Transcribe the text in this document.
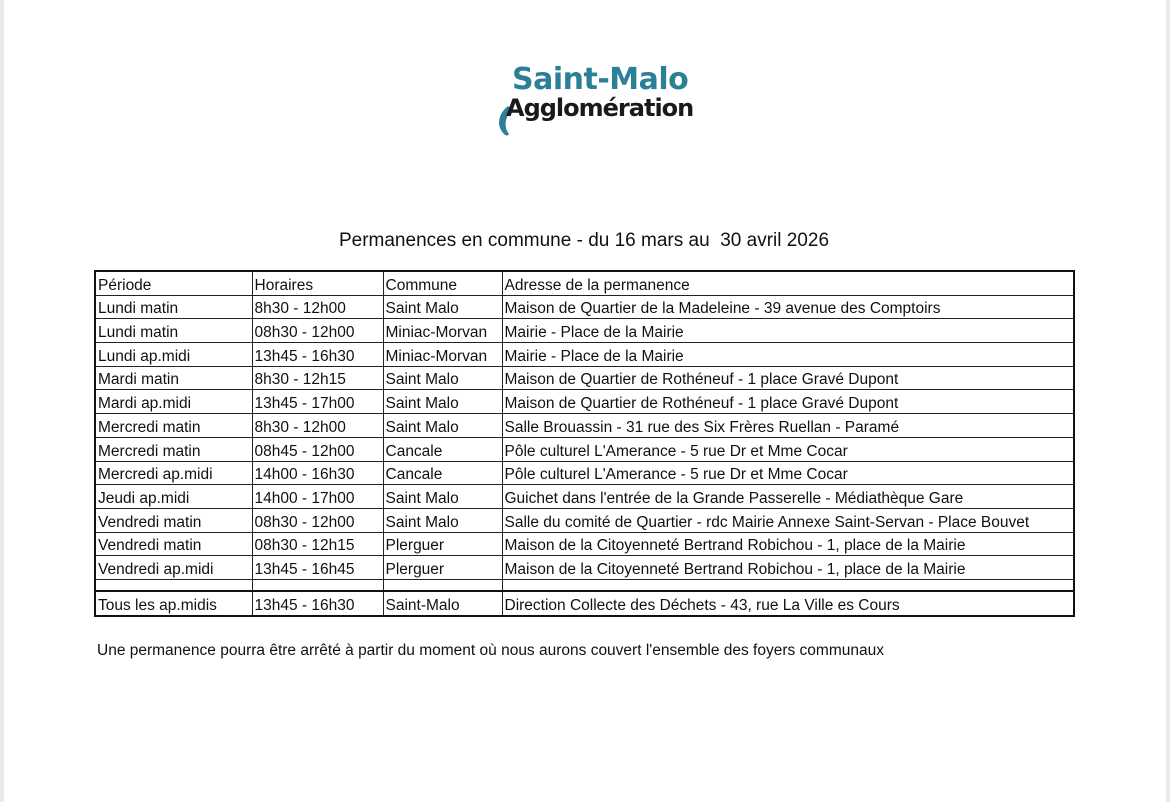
Saint-Malo
Agglomération
Permanences en commune - du 16 mars au  30 avril 2026
Période	Horaires	Commune	Adresse de la permanence
Lundi matin	8h30 - 12h00	Saint Malo	Maison de Quartier de la Madeleine - 39 avenue des Comptoirs
Lundi matin	08h30 - 12h00	Miniac-Morvan	Mairie - Place de la Mairie
Lundi ap.midi	13h45 - 16h30	Miniac-Morvan	Mairie - Place de la Mairie
Mardi matin	8h30 - 12h15	Saint Malo	Maison de Quartier de Rothéneuf - 1 place Gravé Dupont
Mardi ap.midi	13h45 - 17h00	Saint Malo	Maison de Quartier de Rothéneuf - 1 place Gravé Dupont
Mercredi matin	8h30 - 12h00	Saint Malo	Salle Brouassin - 31 rue des Six Frères Ruellan - Paramé
Mercredi matin	08h45 - 12h00	Cancale	Pôle culturel L'Amerance - 5 rue Dr et Mme Cocar
Mercredi ap.midi	14h00 - 16h30	Cancale	Pôle culturel L'Amerance - 5 rue Dr et Mme Cocar
Jeudi ap.midi	14h00 - 17h00	Saint Malo	Guichet dans l'entrée de la Grande Passerelle - Médiathèque Gare
Vendredi matin	08h30 - 12h00	Saint Malo	Salle du comité de Quartier - rdc Mairie Annexe Saint-Servan - Place Bouvet
Vendredi matin	08h30 - 12h15	Plerguer	Maison de la Citoyenneté Bertrand Robichou - 1, place de la Mairie
Vendredi ap.midi	13h45 - 16h45	Plerguer	Maison de la Citoyenneté Bertrand Robichou - 1, place de la Mairie

Tous les ap.midis	13h45 - 16h30	Saint-Malo	Direction Collecte des Déchets - 43, rue La Ville es Cours
Une permanence pourra être arrêté à partir du moment où nous aurons couvert l'ensemble des foyers communaux
